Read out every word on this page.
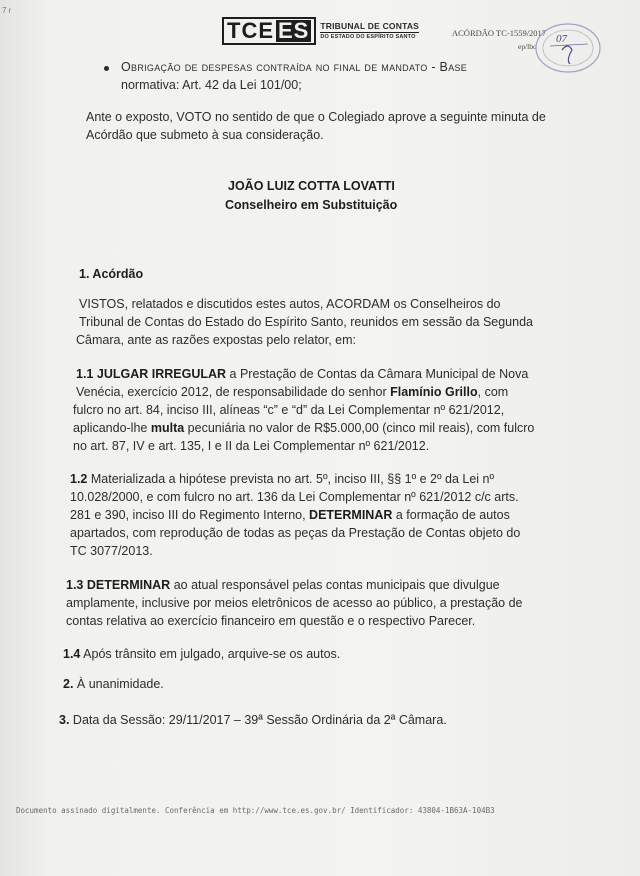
7 r
TCE ES TRIBUNAL DE CONTAS
DO ESTADO DO ESPÍRITO SANTO	ACÓRDÃO TC-1559/2017
ep/lbc
07
Obrigação de despesas contraída no final de mandato - Base
normativa: Art. 42 da Lei 101/00;
Ante o exposto, VOTO no sentido de que o Colegiado aprove a seguinte minuta de
Acórdão que submeto à sua consideração.
JOÃO LUIZ COTTA LOVATTI
Conselheiro em Substituição
1. Acórdão
VISTOS, relatados e discutidos estes autos, ACORDAM os Conselheiros do
Tribunal de Contas do Estado do Espírito Santo, reunidos em sessão da Segunda
Câmara, ante as razões expostas pelo relator, em:
1.1 JULGAR IRREGULAR a Prestação de Contas da Câmara Municipal de Nova
Venécia, exercício 2012, de responsabilidade do senhor Flamínio Grillo, com
fulcro no art. 84, inciso III, alíneas “c” e “d” da Lei Complementar nº 621/2012,
aplicando-lhe multa pecuniária no valor de R$5.000,00 (cinco mil reais), com fulcro
no art. 87, IV e art. 135, I e II da Lei Complementar nº 621/2012.
1.2 Materializada a hipótese prevista no art. 5º, inciso III, §§ 1º e 2º da Lei nº
10.028/2000, e com fulcro no art. 136 da Lei Complementar nº 621/2012 c/c arts.
281 e 390, inciso III do Regimento Interno, DETERMINAR a formação de autos
apartados, com reprodução de todas as peças da Prestação de Contas objeto do
TC 3077/2013.
1.3 DETERMINAR ao atual responsável pelas contas municipais que divulgue
amplamente, inclusive por meios eletrônicos de acesso ao público, a prestação de
contas relativa ao exercício financeiro em questão e o respectivo Parecer.
1.4 Após trânsito em julgado, arquive-se os autos.
2. À unanimidade.
3. Data da Sessão: 29/11/2017 – 39ª Sessão Ordinária da 2ª Câmara.
Documento assinado digitalmente. Conferência em http://www.tce.es.gov.br/ Identificador: 43804-1B63A-104B3
